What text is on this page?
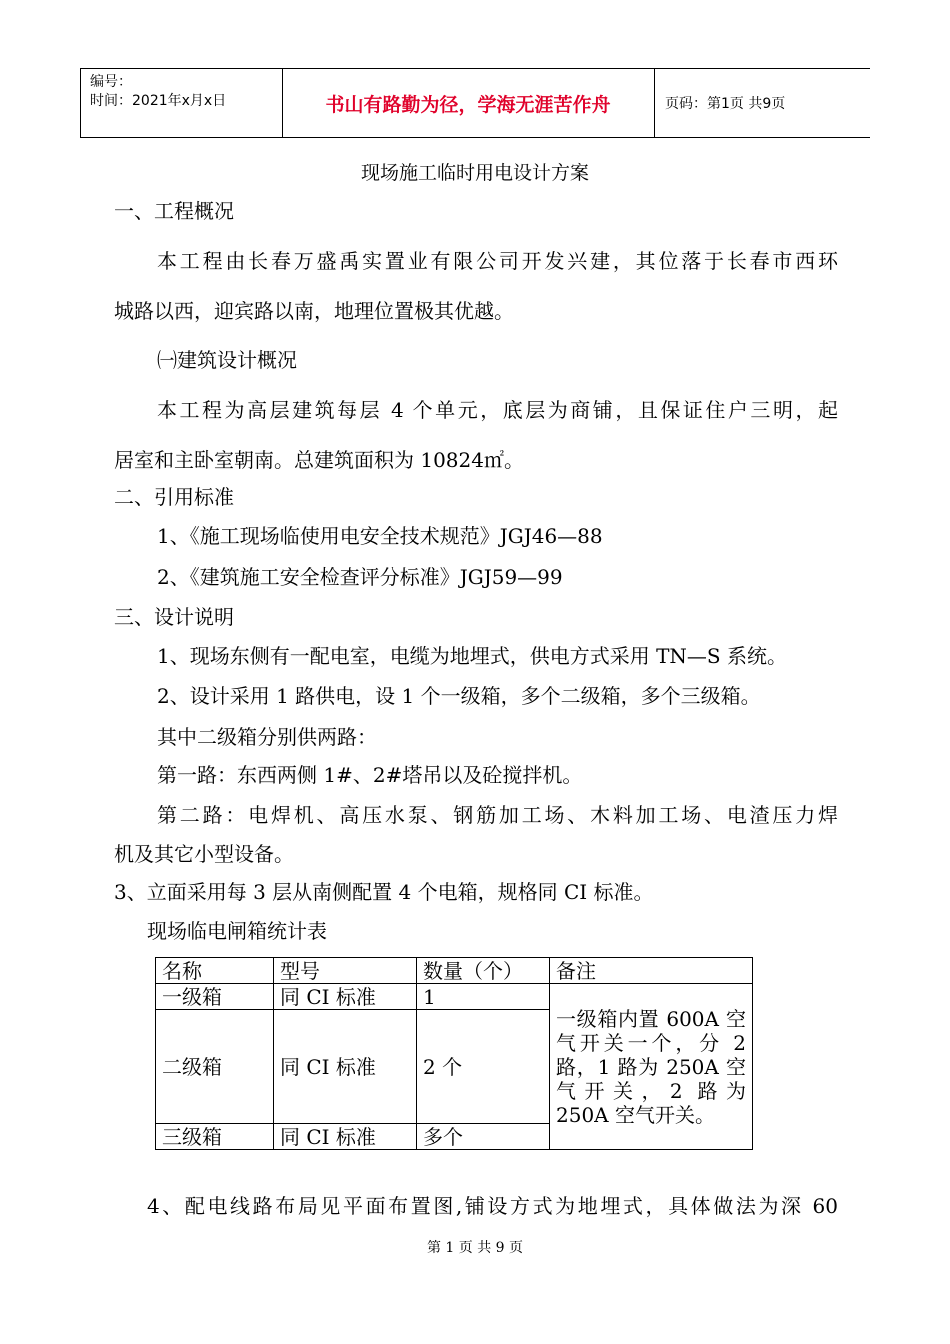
编号：
时间：2021年x月x日	书山有路勤为径，学海无涯苦作舟	页码：第1页 共9页
现场施工临时用电设计方案
一、工程概况
本工程由长春万盛禹实置业有限公司开发兴建，其位落于长春市西环
城路以西，迎宾路以南，地理位置极其优越。
㈠建筑设计概况
本工程为高层建筑每层 4 个单元，底层为商铺，且保证住户三明，起
居室和主卧室朝南。总建筑面积为 10824㎡。
二、引用标准
1、《施工现场临使用电安全技术规范》JGJ46—88
2、《建筑施工安全检查评分标准》JGJ59—99
三、设计说明
1、现场东侧有一配电室，电缆为地埋式，供电方式采用 TN—S 系统。
2、设计采用 1 路供电，设 1 个一级箱，多个二级箱，多个三级箱。
其中二级箱分别供两路：
第一路：东西两侧 1#、2#塔吊以及砼搅拌机。
第二路：电焊机、高压水泵、钢筋加工场、木料加工场、电渣压力焊
机及其它小型设备。
3、立面采用每 3 层从南侧配置 4 个电箱，规格同 CI 标准。
现场临电闸箱统计表
名称	型号	数量（个）	备注
一级箱	同 CI 标准	1	一级箱内置 600A 空气开关一个，分 2 路，1 路为 250A 空气开关，2 路为 250A 空气开关。
二级箱	同 CI 标准	2 个	
三级箱	同 CI 标准	多个	
4、配电线路布局见平面布置图,铺设方式为地埋式，具体做法为深 60
第 1 页 共 9 页
